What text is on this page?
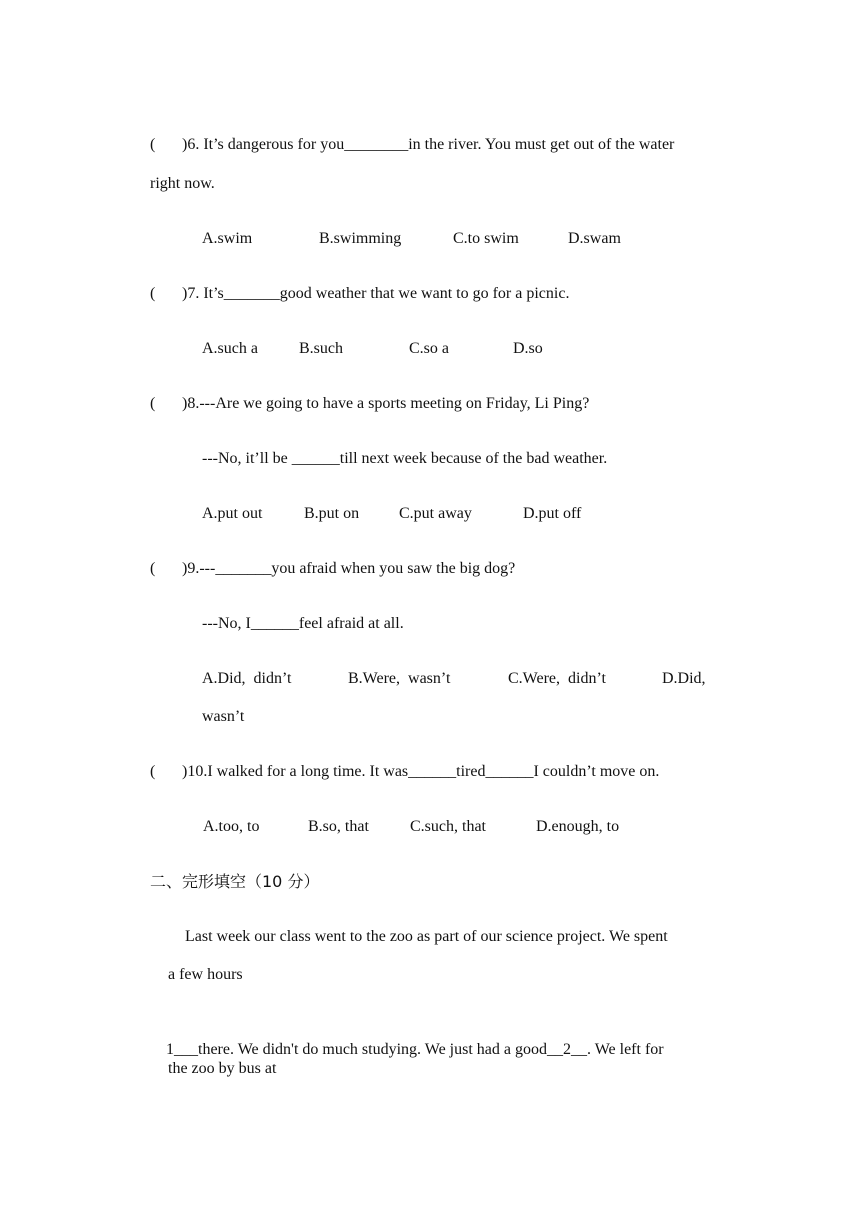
( )6. It’s dangerous for you________in the river. You must get out of the water
right now.
A.swim	B.swimming	C.to swim	D.swam
( )7. It’s_______good weather that we want to go for a picnic.
A.such a	B.such	C.so a	D.so
( )8.---Are we going to have a sports meeting on Friday, Li Ping?
---No, it’ll be ______till next week because of the bad weather.
A.put out	B.put on C.put away	D.put off
( )9.---_______you afraid when you saw the big dog?
---No, I______feel afraid at all.
A.Did,  didn’t	B.Were,  wasn’t	C.Were,  didn’t	D.Did,
wasn’t
( )10.I walked for a long time. It was______tired______I couldn’t move on.
A.too, to	B.so, that	C.such, that	D.enough, to
二、完形填空（10 分）
Last week our class went to the zoo as part of our science project. We spent
a few hours

1___there. We didn't do much studying. We just had a good__2__. We left for

the zoo by bus at
